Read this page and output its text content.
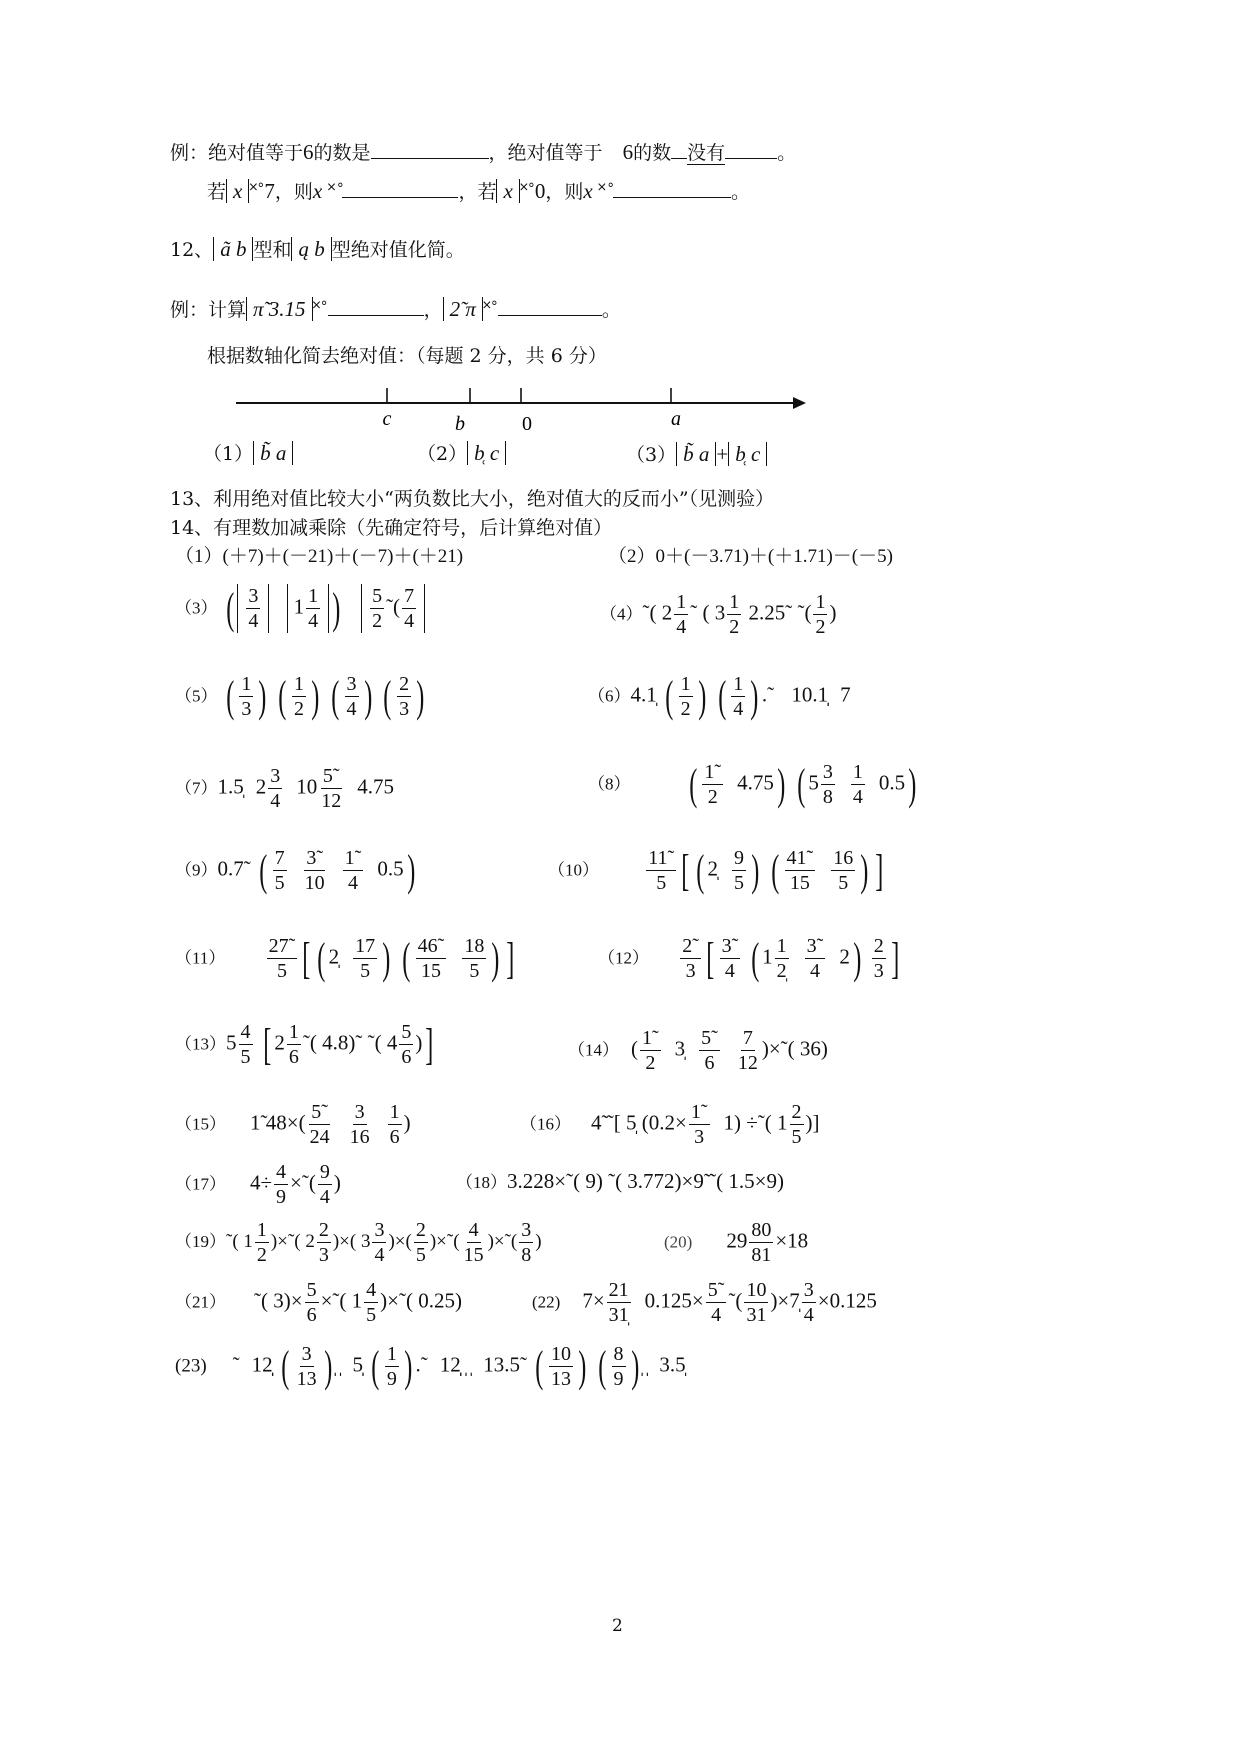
例：绝对值等于6的数是	，绝对值等于 6的数 没有	。
若 x ˟˚7，则x ˟˚	，若 x ˟˚0，则x ˟˚	。
12、 ã b 型和 ą b 型绝对值化简。
例：计算 π̃ 3.15 ˟˚	， 2̃ π ˟˚	。
根据数轴化简去绝对值：（每题 2 分，共 6 分）
c	b	0	a
（1） b̃ a	（2） b̜ c	（3） b̃ a + b̜ c
13、利用绝对值比较大小“两负数比大小，绝对值大的反而小”（见测验）
14、有理数加减乘除（先确定符号，后计算绝对值）
（1）(＋7)＋(－21)＋(－7)＋(＋21)	（2）0＋(－3.71)＋(＋1.71)－(－5)
（3） ( $\frac{3}{4} 1 \frac{1}{4}$ ) $\frac{5}{2}$ ˜( $\frac{7}{4}$	（4）˜( $2 \frac{1}{4}$ ˜ ( $3 \frac{1}{2}$ 2.25˜ ˜( $\frac{1}{2}$ )
（5） ( $\frac{1}{3}$ ) ( $\frac{1}{2}$ ) ( $\frac{3}{4}$ ) ( $\frac{2}{3}$ )	（6）4.1̩ ( $\frac{1}{2}$ ) ( $\frac{1}{4}$ ) .˜ 10.1̩̩ 7
（7）1.5̩ $2 \frac{3}{4} 10 \frac{5˜}{12} 4.75$	（8） ( $\frac{1˜}{2} 4.75$) ( $5 \frac{3}{8} \frac{1}{4} 0.5$)
（9）0.7˜ ( $\frac{7}{5} \frac{3˜}{10} \frac{1˜}{4} 0.5$)	$(10) \frac{11˜}{5}$ [ ( 2̩ $\frac{9}{5}$ ) ( $\frac{41˜}{15} \frac{16}{5}$ ) ]
$(11) \frac{27˜}{5}$ [ ( 2̩ $\frac{17}{5}$ ) ( $\frac{46˜}{15} \frac{18}{5}$ ) ]	$(12) \frac{2˜}{3}$ [ $\frac{3˜}{4}$ ( $1 \frac{1}{2̩} \frac{3˜}{4} 2) \frac{2}{3}$ ]
$(13)5 \frac{4}{5}$ [ $2 \frac{1}{6}$ ˜( 4.8)˜ ˜( $4 \frac{5}{6}$ )]	（14） ( $\frac{1˜}{2}$ 3̩ $\frac{5˜}{6} \frac{7}{12}$ )×˜( 36)
（15） 1̃ $48\times( \frac{5˜}{24} \frac{3}{16} \frac{1}{6}$ )	（16） 4̃ ˜[ 5̩ $(0.2\times \frac{1˜}{3} 1)$ ÷˜( $1 \frac{2}{5}$ )]
（17） $4\div \frac{4}{9}$ ×˜( $\frac{9}{4}$ )	（18）3.228×˜( 9) ˜( 3.772)×9̃ ˜( 1.5×9)
（19）˜( $1 \frac{1}{2}$ )×˜( $2 \frac{2}{3}$ )×( $3 \frac{3}{4}$ )×( $\frac{2}{5}$ )×˜( $\frac{4}{15}$ )×˜( $\frac{3}{8}$ )	(20) $29 \frac{80}{81} \times 18$
（21） ˜( $3)\times \frac{5}{6}$ ×˜( $1 \frac{4}{5}$ )×˜( 0.25)	(22) $7\times \frac{21}{31̩} 0.125\times \frac{5˜}{4}$ ˜( $\frac{10}{31}$ )×7̩ $\frac{3}{4} \times 0.125$
(23) ˜ 12̩̩ ( $\frac{3}{13}$ ) ̩ ̩ 5̩̩ ( $\frac{1}{9}$ ) .˜ 12̩̩ ̩ ̩ 13.5˜ ( $\frac{10}{13}$ ) ( $\frac{8}{9}$ ) ̩ ̩ 3.5̩
2
